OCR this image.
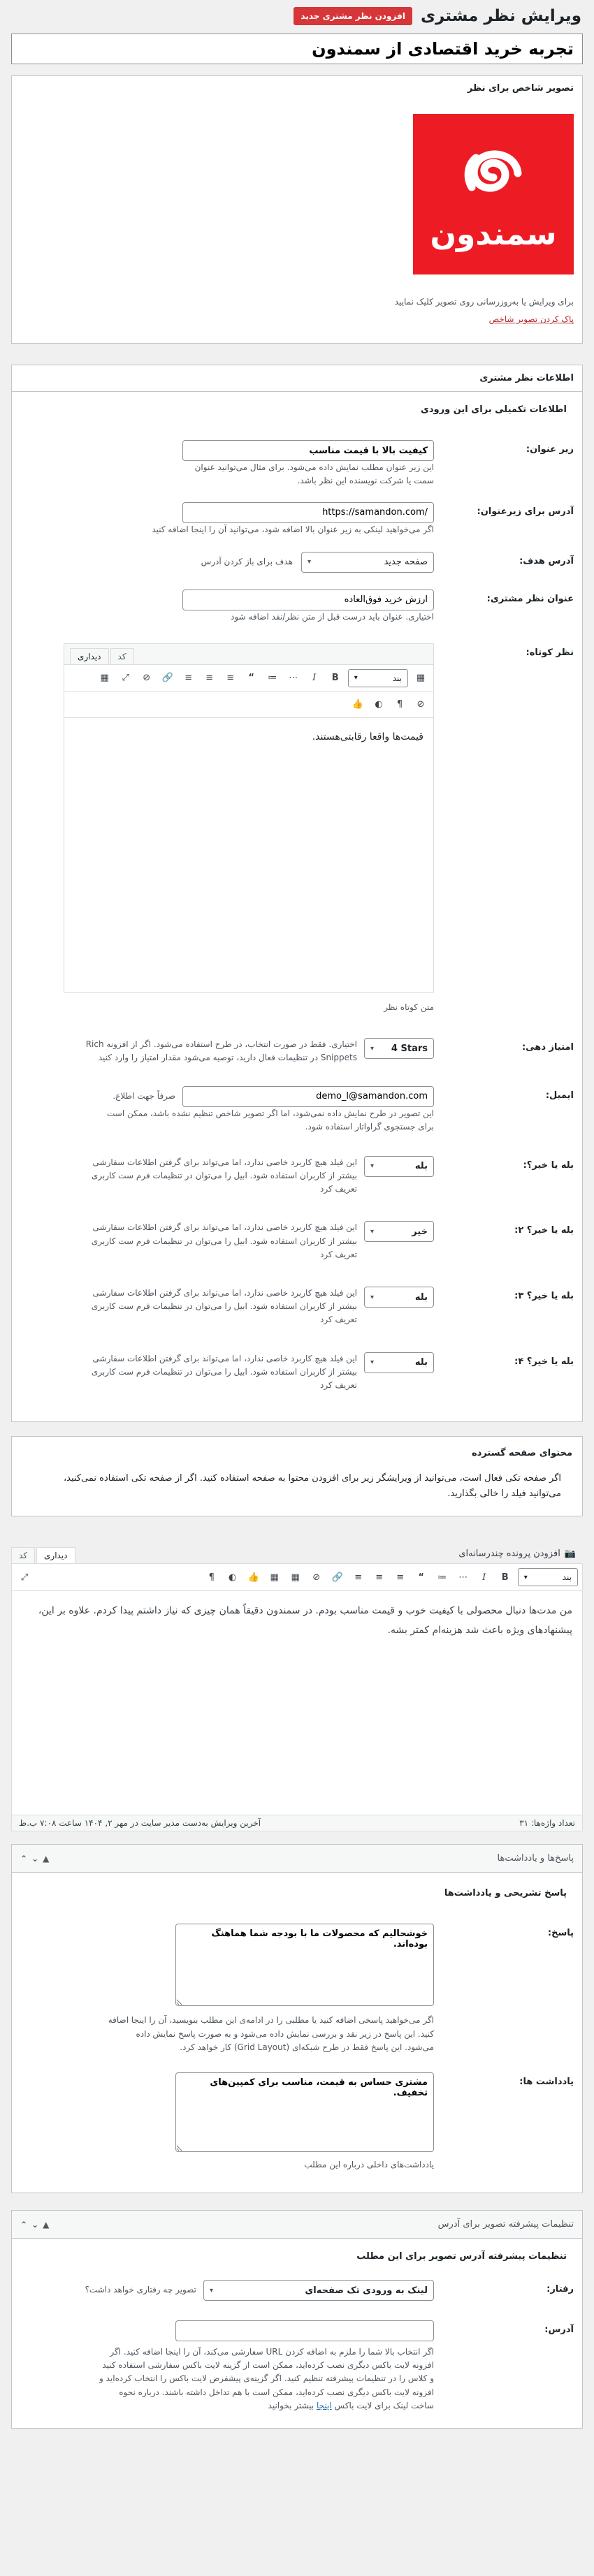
ویرایش نظر مشتری
افزودن نظر مشتری جدید
تجربه خرید اقتصادی از سمندون
تصویر شاخص برای نظر
سمندون
برای ویرایش یا به‌روزرسانی روی تصویر کلیک نمایید
پاک کردن تصویر شاخص
اطلاعات نظر مشتری
اطلاعات تکمیلی برای این ورودی
زیر عنوان:
کیفیت بالا با قیمت مناسب
این زیر عنوان مطلب نمایش داده می‌شود. برای مثال می‌توانید عنوان سمت یا شرکت نویسنده این نظر باشد.
آدرس برای زیرعنوان:
https://samandon.com/
اگر می‌خواهید لینکی به زیر عنوان بالا اضافه شود، می‌توانید آن را اینجا اضافه کنید
آدرس هدف:
صفحه جدید
▾
هدف برای باز کردن آدرس
عنوان نظر مشتری:
ارزش خرید فوق‌العاده
اختیاری. عنوان باید درست قبل از متن نظر/نقد اضافه شود
نظر کوتاه:
کد
دیداری
▦	⤢	⊘	🔗	≡	≡	≡	“	≔	⋯	I	B	بند
▾	▦
👍	◐	¶	⊘
قیمت‌ها واقعا رقابتی‌هستند.
متن کوتاه نظر
امتیاز دهی:
▾ 4 Stars
اختیاری. فقط در صورت انتخاب، در طرح استفاده می‌شود. اگر از افزونه Rich Snippets در تنظیمات فعال دارید، توصیه می‌شود مقدار امتیاز را وارد کنید
ایمیل:
demo_l@samandon.com
صرفاً جهت اطلاع.
این تصویر در طرح نمایش داده نمی‌شود، اما اگر تصویر شاخص تنظیم نشده باشد، ممکن است برای جستجوی گراواتار استفاده شود.
بله یا خیر؟:
بله
▾
این فیلد هیچ کاربرد خاصی ندارد، اما می‌تواند برای گرفتن اطلاعات سفارشی بیشتر از کاربران استفاده شود. ابیل را می‌توان در تنظیمات فرم ست کاربری تعریف کرد
بله یا خیر؟ ۲:
خیر
▾
این فیلد هیچ کاربرد خاصی ندارد، اما می‌تواند برای گرفتن اطلاعات سفارشی بیشتر از کاربران استفاده شود. ابیل را می‌توان در تنظیمات فرم ست کاربری تعریف کرد
بله یا خیر؟ ۳:
بله
▾
این فیلد هیچ کاربرد خاصی ندارد، اما می‌تواند برای گرفتن اطلاعات سفارشی بیشتر از کاربران استفاده شود. ابیل را می‌توان در تنظیمات فرم ست کاربری تعریف کرد
بله یا خیر؟ ۴:
بله
▾
این فیلد هیچ کاربرد خاصی ندارد، اما می‌تواند برای گرفتن اطلاعات سفارشی بیشتر از کاربران استفاده شود. ابیل را می‌توان در تنظیمات فرم ست کاربری تعریف کرد
محتوای صفحه گسترده
اگر صفحه تکی فعال است، می‌توانید از ویرایشگر زیر برای افزودن محتوا به صفحه استفاده کنید. اگر از صفحه تکی استفاده نمی‌کنید، می‌توانید فیلد را خالی بگذارید.
📷
افزودن پرونده چندرسانه‌ای
دیداری
کد
⤢	¶	◐	👍	▦	▦	⊘	🔗	≡	≡	≡	“	≔	⋯	I	B	بند
▾
من مدت‌ها دنبال محصولی با کیفیت خوب و قیمت مناسب بودم. در سمندون دقیقاً همان چیزی که نیاز داشتم پیدا کردم. علاوه بر این، پیشنهادهای ویژه باعث شد هزینه‌ام کمتر بشه.
تعداد واژه‌ها: ۳۱
آخرین ویرایش به‌دست مدیر سایت در مهر ۲, ۱۴۰۴ ساعت ۷:۰۸ ب.ظ
پاسخ‌ها و یادداشت‌ها
⌃ ⌄ ▲
پاسخ تشریحی و یادداشت‌ها
پاسخ:
خوشحالیم که محصولات ما با بودجه شما هماهنگ بوده‌اند.
اگر می‌خواهید پاسخی اضافه کنید یا مطلبی را در ادامه‌ی این مطلب بنویسید، آن را اینجا اضافه کنید. این پاسخ در زیر نقد و بررسی نمایش داده می‌شود و به صورت پاسخ نمایش داده می‌شود. این پاسخ فقط در طرح شبکه‌ای (Grid Layout) کار خواهد کرد.
یادداشت ها:
مشتری حساس به قیمت، مناسب برای کمپین‌های تخفیف.
یادداشت‌های داخلی درباره این مطلب
تنظیمات پیشرفته تصویر برای آدرس
⌃ ⌄ ▲
تنظیمات پیشرفته آدرس تصویر برای این مطلب
رفتار:
لینک به ورودی تک صفحه‌ای
▾
تصویر چه رفتاری خواهد داشت؟
آدرس:
اگر انتخاب بالا شما را ملزم به اضافه کردن URL سفارشی می‌کند، آن را اینجا اضافه کنید. اگر افزونه لایت باکس دیگری نصب کرده‌اید، ممکن است از گزینه لایت باکس سفارشی استفاده کنید و کلاس را در تنظیمات پیشرفته تنظیم کنید. اگر گزینه‌ی پیشفرض لایت باکس را انتخاب کرده‌اید و افزونه لایت باکس دیگری نصب کرده‌اید، ممکن است با هم تداخل داشته باشند. درباره نحوه ساخت لینک برای لایت باکس اینجا بیشتر بخوانید
